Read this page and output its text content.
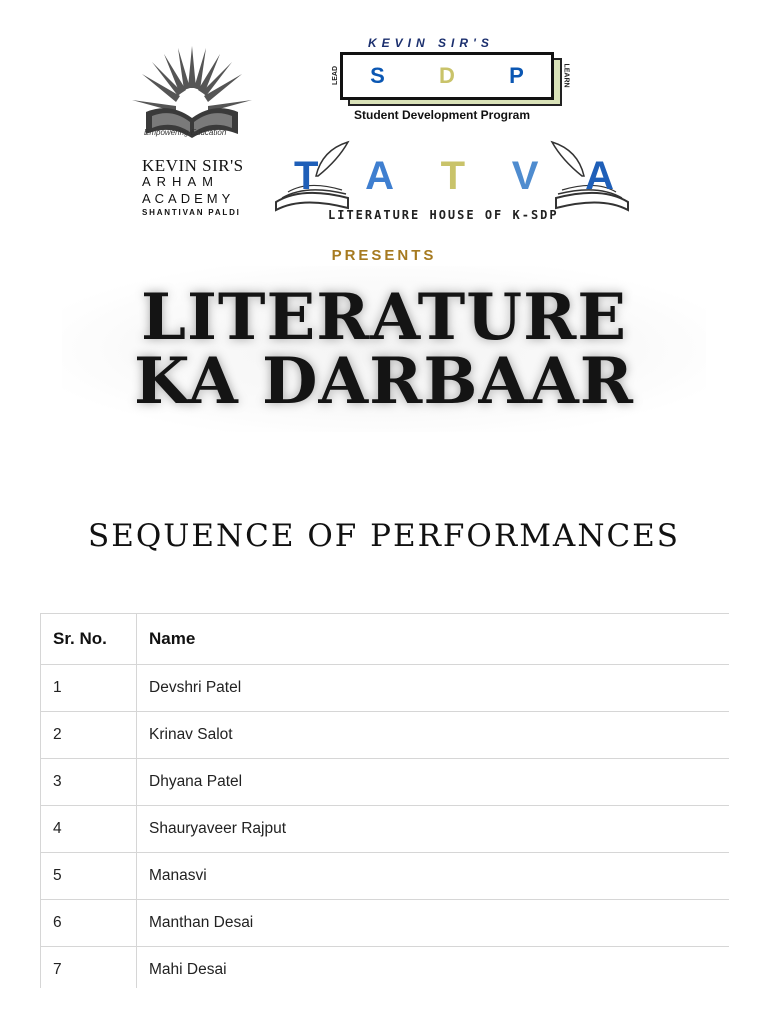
KEVIN SIR'S
ARHAM
ACADEMY
SHANTIVAN PALDI
Empowering Education
KEVIN SIR'S
S D P
LEAD	LEARN
Student Development Program
T A T V A
LITERATURE HOUSE OF K-SDP
PRESENTS
LITERATURE
KA DARBAAR
SEQUENCE OF PERFORMANCES
Sr. No.	Name
1	Devshri Patel
2	Krinav Salot
3	Dhyana Patel
4	Shauryaveer Rajput
5	Manasvi
6	Manthan Desai
7	Mahi Desai
